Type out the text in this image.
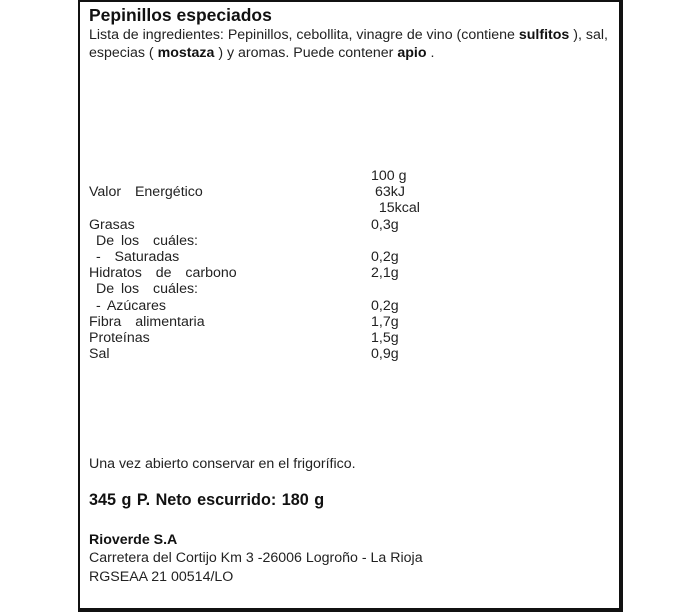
Pepinillos especiados
Lista de ingredientes: Pepinillos, cebollita, vinagre de vino (contiene sulfitos ), sal, especias ( mostaza ) y aromas. Puede contener apio .
100 g
Valor  Energético	63kJ
15kcal
Grasas	0,3g
De los  cuáles:
-  Saturadas	0,2g
Hidratos  de  carbono	2,1g
De los  cuáles:
- Azúcares	0,2g
Fibra  alimentaria	1,7g
Proteínas	1,5g
Sal	0,9g
Una vez abierto conservar en el frigorífico.
345 g P. Neto escurrido: 180 g
Rioverde S.A
Carretera del Cortijo Km 3 -26006 Logroño - La Rioja
RGSEAA 21 00514/LO
